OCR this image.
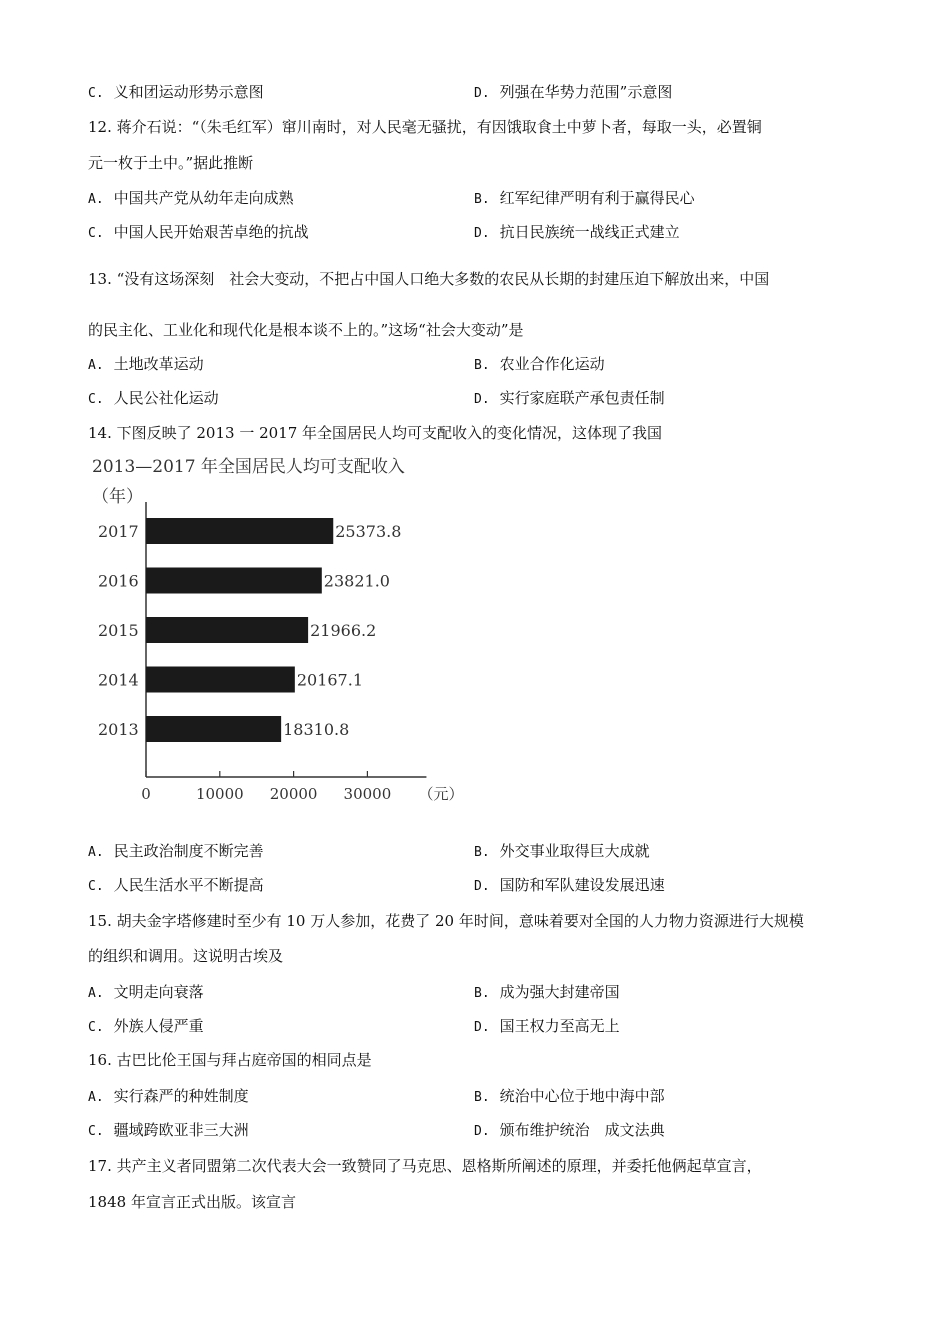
C. 义和团运动形势示意图	D. 列强在华势力范围”示意图
12. 蒋介石说：“（朱毛红军）窜川南时，对人民毫无骚扰，有因饿取食土中萝卜者，每取一头，必置铜
元一枚于土中。”据此推断
A. 中国共产党从幼年走向成熟	B. 红军纪律严明有利于赢得民心
C. 中国人民开始艰苦卓绝的抗战	D. 抗日民族统一战线正式建立
13. “没有这场深刻　社会大变动，不把占中国人口绝大多数的农民从长期的封建压迫下解放出来，中国
的民主化、工业化和现代化是根本谈不上的。”这场“社会大变动”是
A. 土地改革运动	B. 农业合作化运动
C. 人民公社化运动	D. 实行家庭联产承包责任制
14. 下图反映了 2013 一 2017 年全国居民人均可支配收入的变化情况，这体现了我国
2013—2017 年全国居民人均可支配收入
（年）
2017	25373.8
2016	23821.0
2015	21966.2
2014	20167.1
2013	18310.8
0	10000 20000 30000 （元）
A. 民主政治制度不断完善	B. 外交事业取得巨大成就
C. 人民生活水平不断提高	D. 国防和军队建设发展迅速
15. 胡夫金字塔修建时至少有 10 万人参加，花费了 20 年时间，意味着要对全国的人力物力资源进行大规模
的组织和调用。这说明古埃及
A. 文明走向衰落	B. 成为强大封建帝国
C. 外族人侵严重	D. 国王权力至高无上
16. 古巴比伦王国与拜占庭帝国的相同点是
A. 实行森严的种姓制度	B. 统治中心位于地中海中部
C. 疆域跨欧亚非三大洲	D. 颁布维护统治　成文法典
17. 共产主义者同盟第二次代表大会一致赞同了马克思、恩格斯所阐述的原理，并委托他俩起草宣言，
1848 年宣言正式出版。该宣言
